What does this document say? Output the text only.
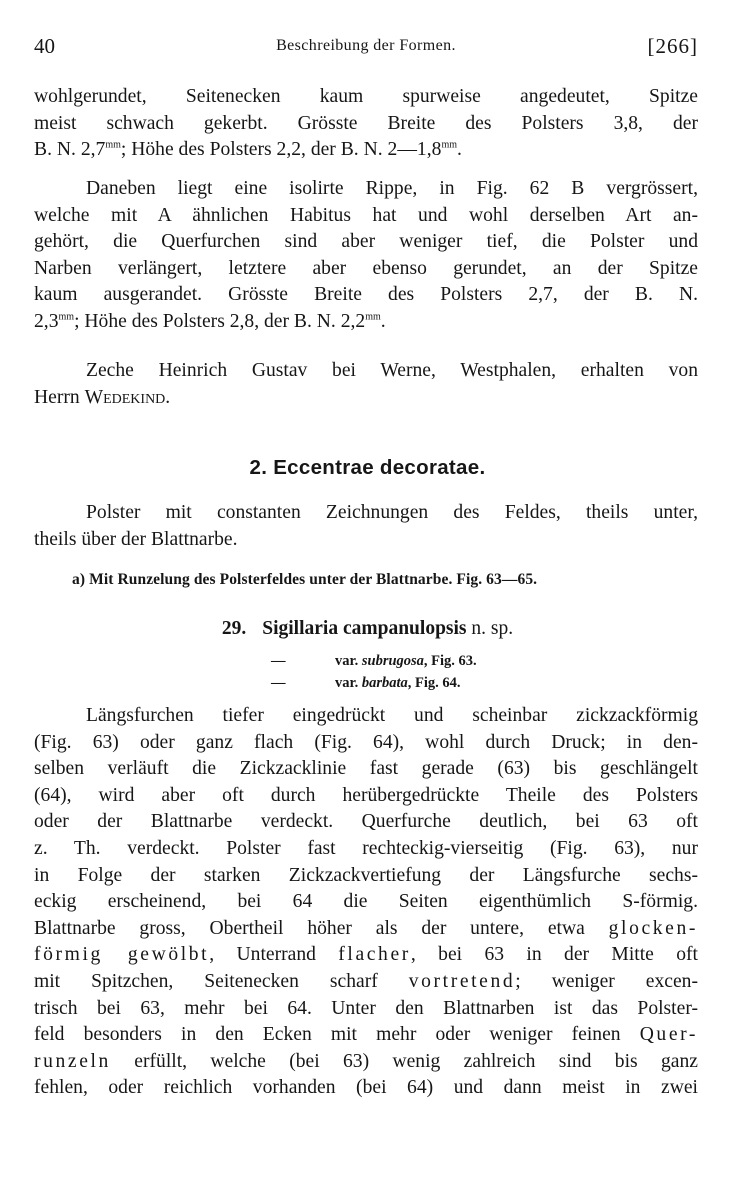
40	Beschreibung der Formen.	[266]
wohlgerundet, Seitenecken kaum spurweise angedeutet, Spitze
meist schwach gekerbt. Grösste Breite des Polsters 3,8, der
B. N. $2,7^{mm}$; Höhe des Polsters 2,2, der B. N. $2—1,8^{mm}$.
Daneben liegt eine isolirte Rippe, in Fig. 62 B vergrössert,
welche mit A ähnlichen Habitus hat und wohl derselben Art an-
gehört, die Querfurchen sind aber weniger tief, die Polster und
Narben verlängert, letztere aber ebenso gerundet, an der Spitze
kaum ausgerandet. Grösste Breite des Polsters 2,7, der B. N.
$2,3^{mm}$; Höhe des Polsters 2,8, der B. N. $2,2^{mm}$.
Zeche Heinrich Gustav bei Werne, Westphalen, erhalten von
Herrn Wedekind.
2. Eccentrae decoratae.
Polster mit constanten Zeichnungen des Feldes, theils unter,
theils über der Blattnarbe.
a) Mit Runzelung des Polsterfeldes unter der Blattnarbe. Fig. 63—65.
29. Sigillaria campanulopsis n. sp.
—	var. subrugosa, Fig. 63.
—	var. barbata, Fig. 64.
Längsfurchen tiefer eingedrückt und scheinbar zickzackförmig
(Fig. 63) oder ganz flach (Fig. 64), wohl durch Druck; in den-
selben verläuft die Zickzacklinie fast gerade (63) bis geschlängelt
(64), wird aber oft durch herübergedrückte Theile des Polsters
oder der Blattnarbe verdeckt. Querfurche deutlich, bei 63 oft
z. Th. verdeckt. Polster fast rechteckig-vierseitig (Fig. 63), nur
in Folge der starken Zickzackvertiefung der Längsfurche sechs-
eckig erscheinend, bei 64 die Seiten eigenthümlich S-förmig.
Blattnarbe gross, Obertheil höher als der untere, etwa glocken-
förmig gewölbt, Unterrand flacher, bei 63 in der Mitte oft
mit Spitzchen, Seitenecken scharf vortretend; weniger excen-
trisch bei 63, mehr bei 64. Unter den Blattnarben ist das Polster-
feld besonders in den Ecken mit mehr oder weniger feinen Quer-
runzeln erfüllt, welche (bei 63) wenig zahlreich sind bis ganz
fehlen, oder reichlich vorhanden (bei 64) und dann meist in zwei
